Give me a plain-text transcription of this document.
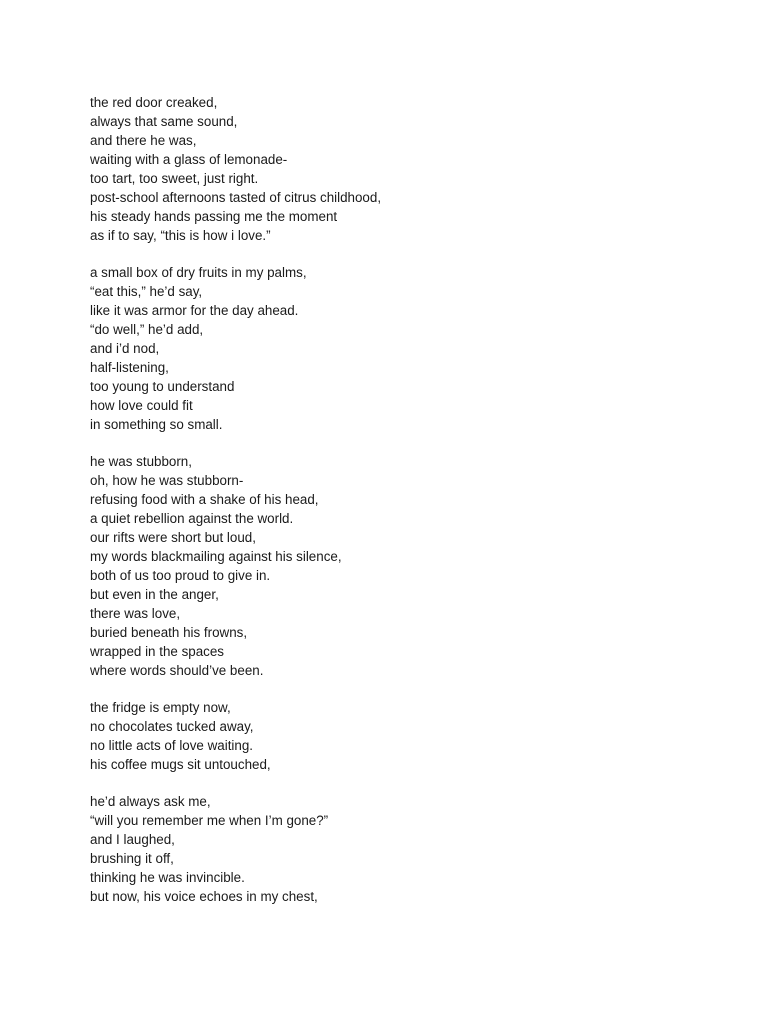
the red door creaked,
always that same sound,
and there he was,
waiting with a glass of lemonade-
too tart, too sweet, just right.
post-school afternoons tasted of citrus childhood,
his steady hands passing me the moment
as if to say, “this is how i love.”
a small box of dry fruits in my palms,
“eat this,” he’d say,
like it was armor for the day ahead.
“do well,” he’d add,
and i’d nod,
half-listening,
too young to understand
how love could fit
in something so small.
he was stubborn,
oh, how he was stubborn-
refusing food with a shake of his head,
a quiet rebellion against the world.
our rifts were short but loud,
my words blackmailing against his silence,
both of us too proud to give in.
but even in the anger,
there was love,
buried beneath his frowns,
wrapped in the spaces
where words should’ve been.
the fridge is empty now,
no chocolates tucked away,
no little acts of love waiting.
his coffee mugs sit untouched,
he’d always ask me,
“will you remember me when I’m gone?”
and I laughed,
brushing it off,
thinking he was invincible.
but now, his voice echoes in my chest,
